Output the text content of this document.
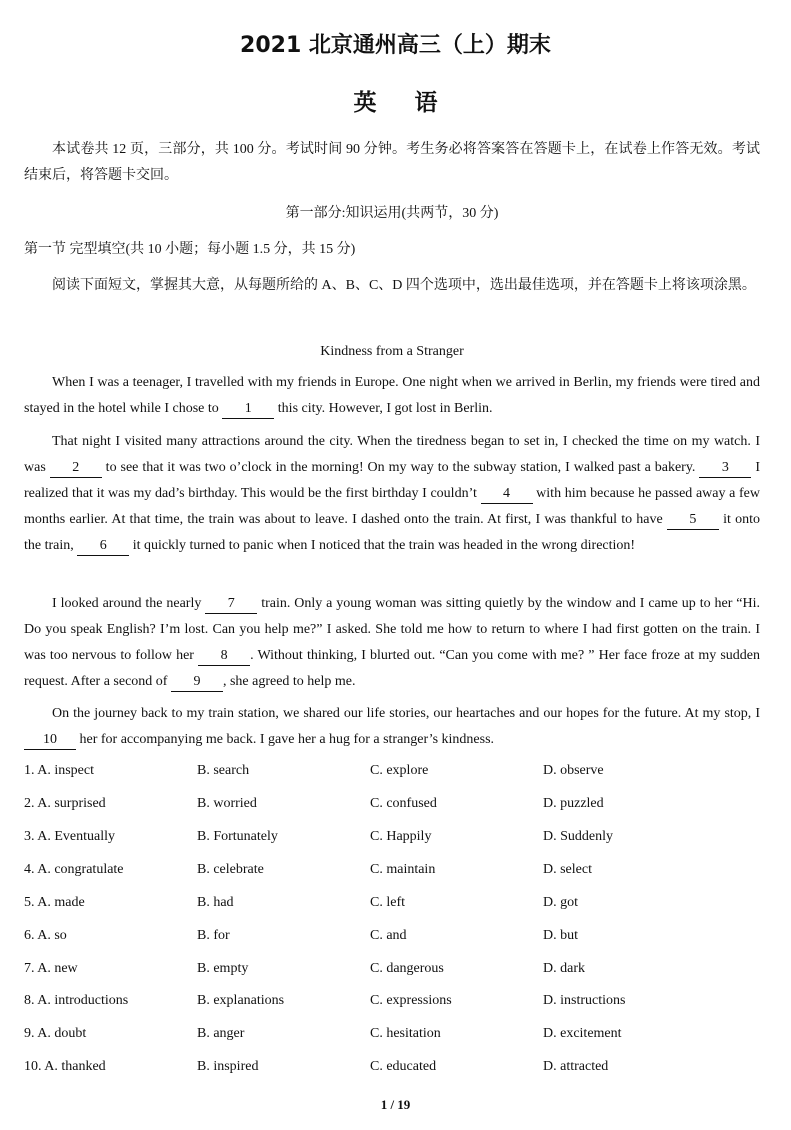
2021 北京通州高三（上）期末
英语
本试卷共 12 页，三部分，共 100 分。考试时间 90 分钟。考生务必将答案答在答题卡上，在试卷上作答无效。考试结束后，将答题卡交回。
第一部分:知识运用(共两节，30 分)
第一节 完型填空(共 10 小题；每小题 1.5 分，共 15 分)
阅读下面短文，掌握其大意，从每题所给的 A、B、C、D 四个选项中，选出最佳选项，并在答题卡上将该项涂黑。
Kindness from a Stranger
When I was a teenager, I travelled with my friends in Europe. One night when we arrived in Berlin, my friends were tired and stayed in the hotel while I chose to 1 this city. However, I got lost in Berlin.
That night I visited many attractions around the city. When the tiredness began to set in, I checked the time on my watch. I was 2 to see that it was two o’clock in the morning! On my way to the subway station, I walked past a bakery. 3 I realized that it was my dad’s birthday. This would be the first birthday I couldn’t 4 with him because he passed away a few months earlier. At that time, the train was about to leave. I dashed onto the train. At first, I was thankful to have 5 it onto the train, 6 it quickly turned to panic when I noticed that the train was headed in the wrong direction!
I looked around the nearly 7 train. Only a young woman was sitting quietly by the window and I came up to her “Hi. Do you speak English? I’m lost. Can you help me?” I asked. She told me how to return to where I had first gotten on the train. I was too nervous to follow her 8 . Without thinking, I blurted out. “Can you come with me? ” Her face froze at my sudden request. After a second of 9 , she agreed to help me.
On the journey back to my train station, we shared our life stories, our heartaches and our hopes for the future. At my stop, I 10 her for accompanying me back. I gave her a hug for a stranger’s kindness.
1. A. inspect	B. search	C. explore	D. observe
2. A. surprised	B. worried	C. confused	D. puzzled
3. A. Eventually	B. Fortunately	C. Happily	D. Suddenly
4. A. congratulate	B. celebrate	C. maintain	D. select
5. A. made	B. had	C. left	D. got
6. A. so	B. for	C. and	D. but
7. A. new	B. empty	C. dangerous	D. dark
8. A. introductions	B. explanations	C. expressions	D. instructions
9. A. doubt	B. anger	C. hesitation	D. excitement
10. A. thanked	B. inspired	C. educated	D. attracted
1 / 19
